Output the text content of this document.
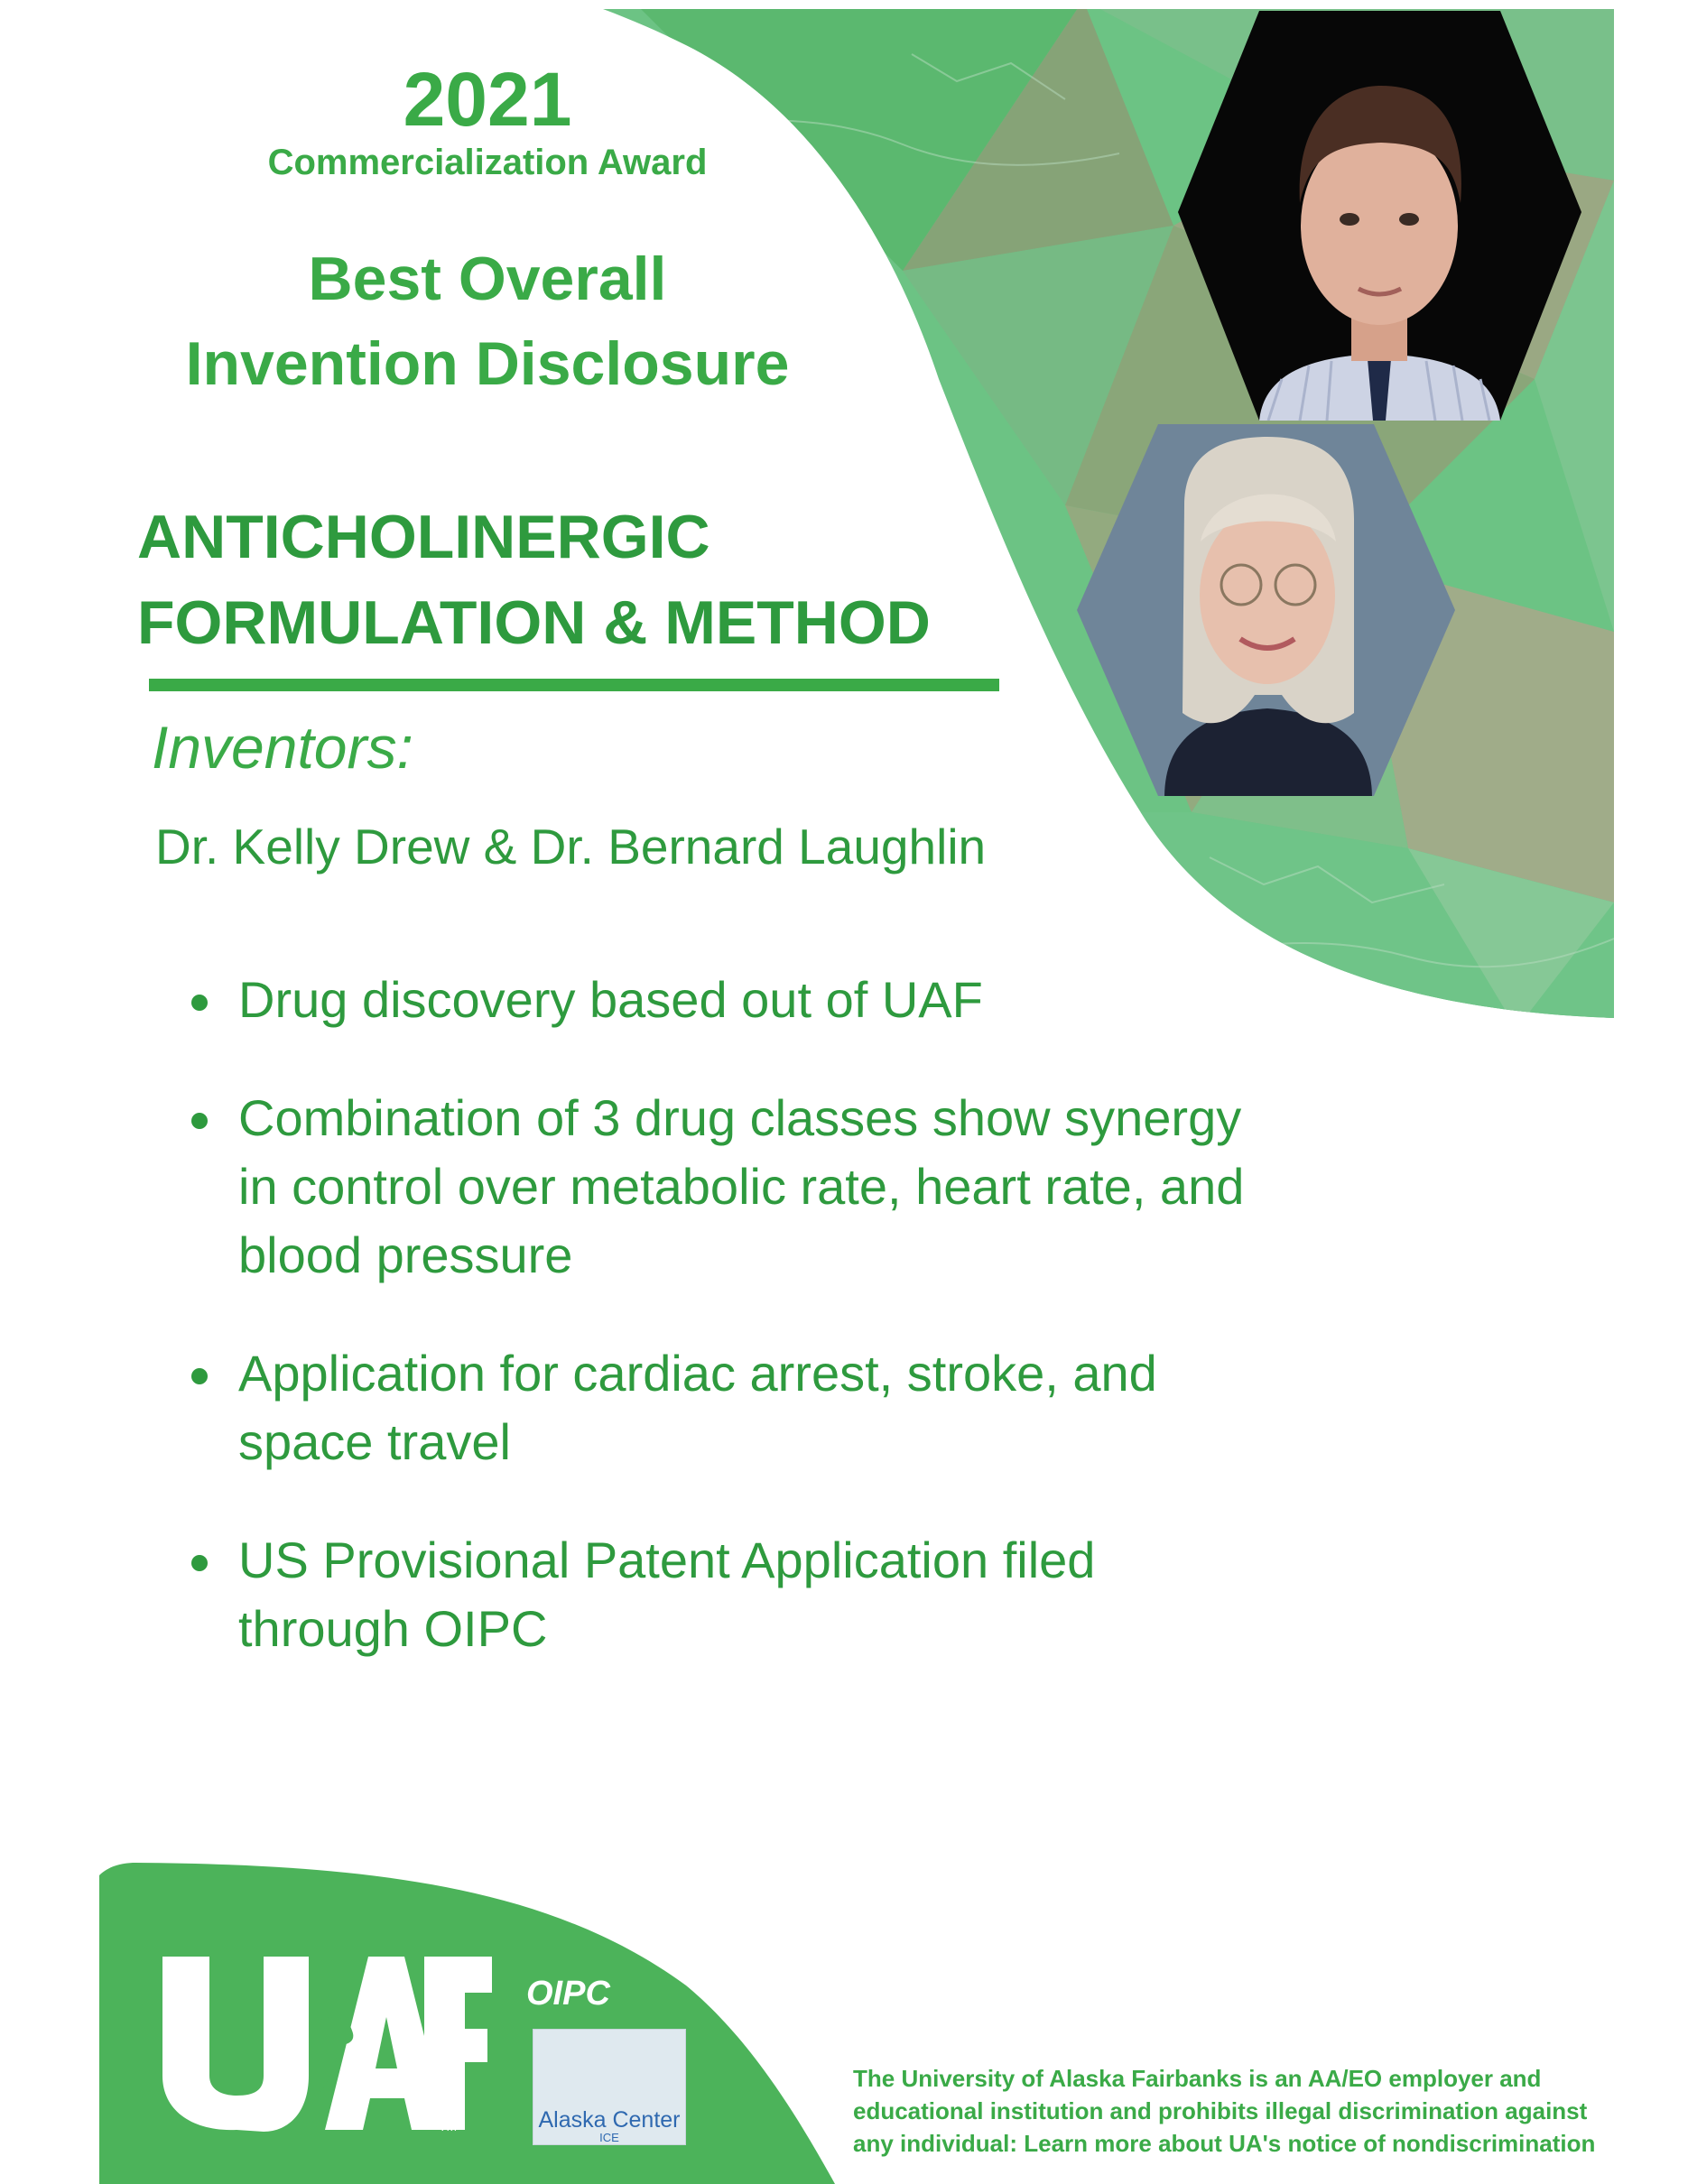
2021
Commercialization Award
Best Overall
Invention Disclosure
ANTICHOLINERGIC
FORMULATION & METHOD

Inventors:

Dr. Kelly Drew & Dr. Bernard Laughlin

Drug discovery based out of UAF
Combination of 3 drug classes show synergy
in control over metabolic rate, heart rate, and
blood pressure
Application for cardiac arrest, stroke, and
space travel
US Provisional Patent Application filed
through OIPC

TM

OIPC

Alaska Center
ICE

The University of Alaska Fairbanks is an AA/EO employer and
educational institution and prohibits illegal discrimination against
any individual: Learn more about UA's notice of nondiscrimination
